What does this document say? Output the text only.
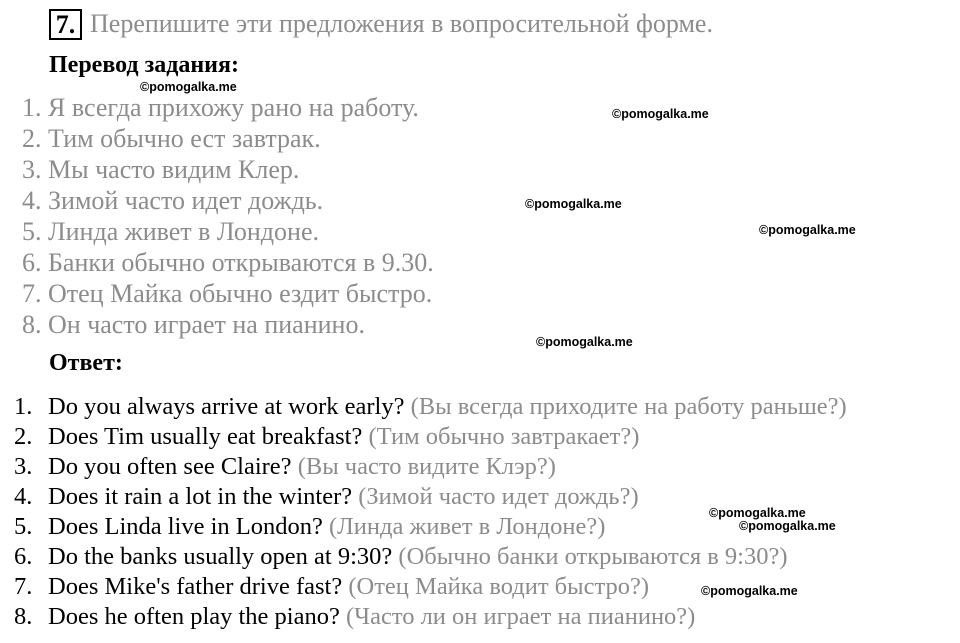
7. Перепишите эти предложения в вопросительной форме.
Перевод задания:
1. Я всегда прихожу рано на работу.
2. Тим обычно ест завтрак.
3. Мы часто видим Клер.
4. Зимой часто идет дождь.
5. Линда живет в Лондоне.
6. Банки обычно открываются в 9.30.
7. Отец Майка обычно ездит быстро.
8. Он часто играет на пианино.
Ответ:
1. Do you always arrive at work early? (Вы всегда приходите на работу раньше?)
2. Does Tim usually eat breakfast? (Тим обычно завтракает?)
3. Do you often see Claire? (Вы часто видите Клэр?)
4. Does it rain a lot in the winter? (Зимой часто идет дождь?)
5. Does Linda live in London? (Линда живет в Лондоне?)
6. Do the banks usually open at 9:30? (Обычно банки открываются в 9:30?)
7. Does Mike's father drive fast? (Отец Майка водит быстро?)
8. Does he often play the piano? (Часто ли он играет на пианино?)
©pomogalka.me
©pomogalka.me
©pomogalka.me
©pomogalka.me
©pomogalka.me
©pomogalka.me
©pomogalka.me
©pomogalka.me
